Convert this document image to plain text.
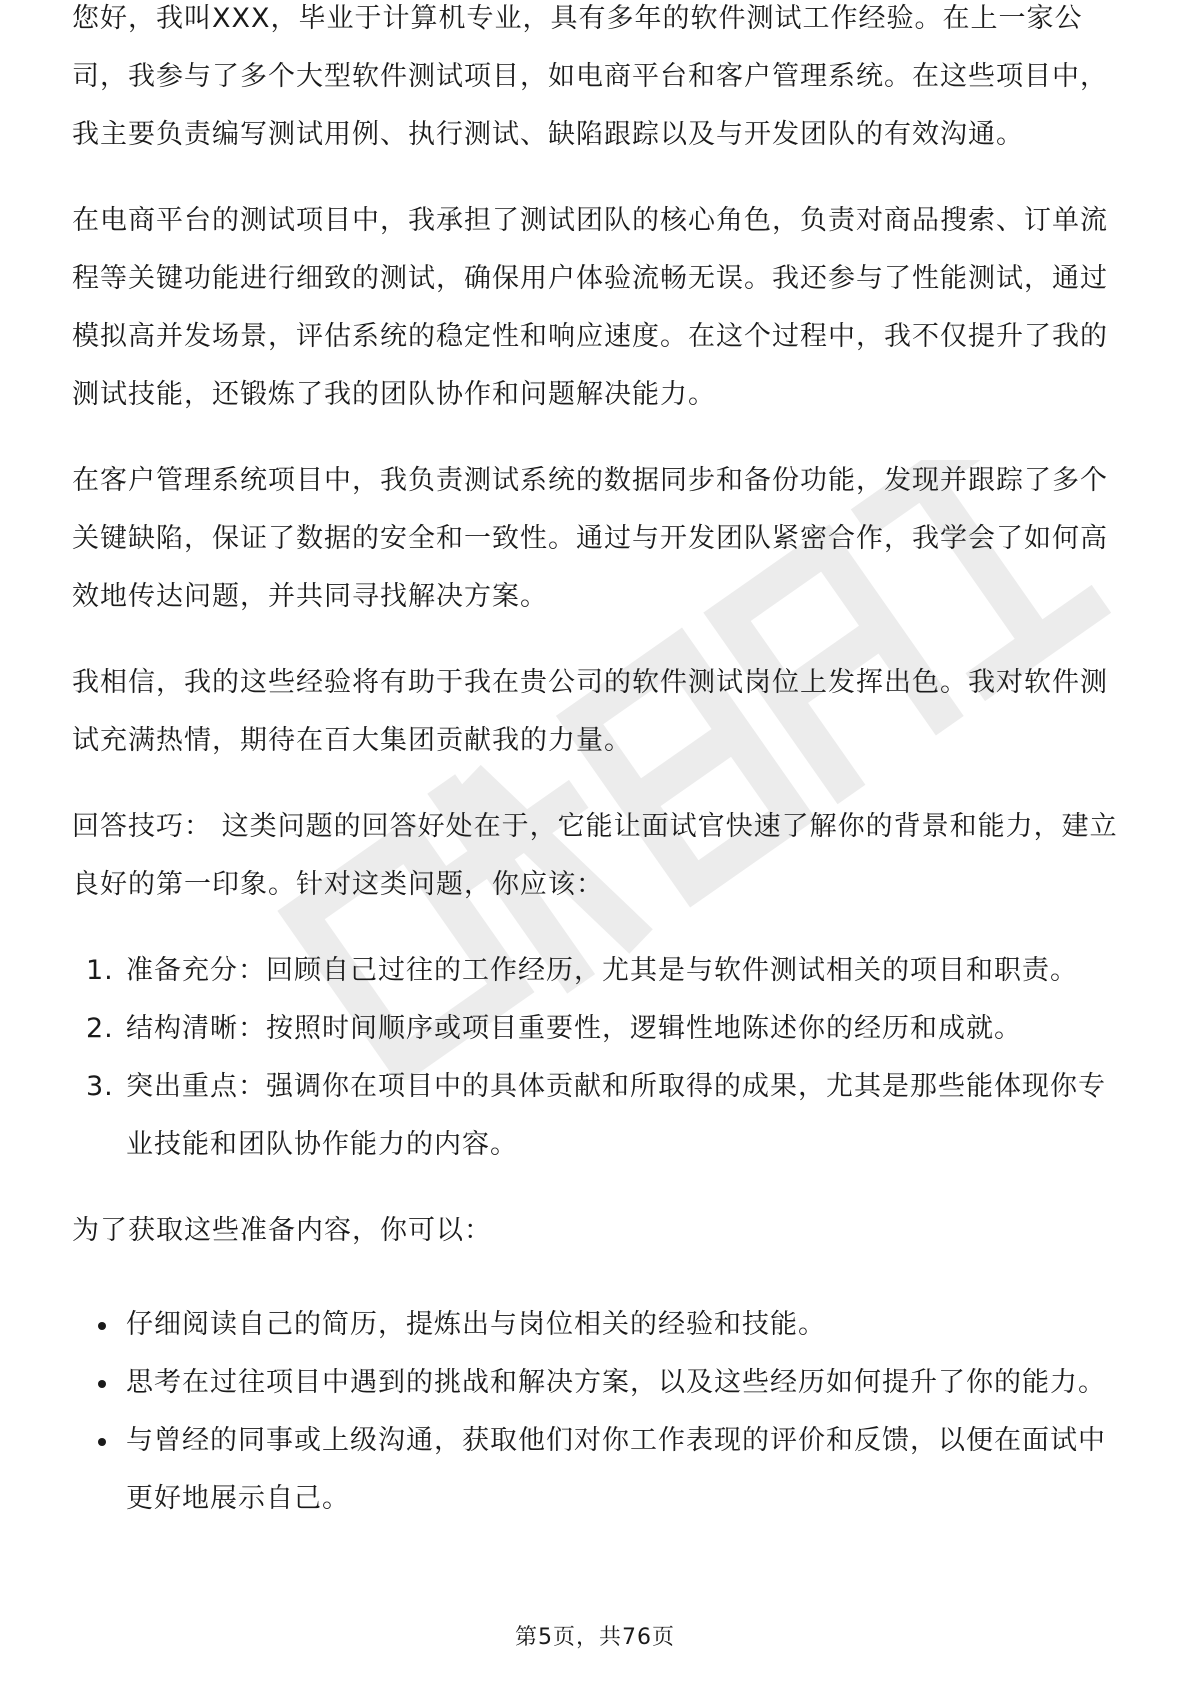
您好，我叫XXX，毕业于计算机专业，具有多年的软件测试工作经验。在上一家公司，我参与了多个大型软件测试项目，如电商平台和客户管理系统。在这些项目中，我主要负责编写测试用例、执行测试、缺陷跟踪以及与开发团队的有效沟通。

在电商平台的测试项目中，我承担了测试团队的核心角色，负责对商品搜索、订单流程等关键功能进行细致的测试，确保用户体验流畅无误。我还参与了性能测试，通过模拟高并发场景，评估系统的稳定性和响应速度。在这个过程中，我不仅提升了我的测试技能，还锻炼了我的团队协作和问题解决能力。

在客户管理系统项目中，我负责测试系统的数据同步和备份功能，发现并跟踪了多个关键缺陷，保证了数据的安全和一致性。通过与开发团队紧密合作，我学会了如何高效地传达问题，并共同寻找解决方案。

我相信，我的这些经验将有助于我在贵公司的软件测试岗位上发挥出色。我对软件测试充满热情，期待在百大集团贡献我的力量。

回答技巧： 这类问题的回答好处在于，它能让面试官快速了解你的背景和能力，建立良好的第一印象。针对这类问题，你应该：

1. 准备充分：回顾自己过往的工作经历，尤其是与软件测试相关的项目和职责。
2. 结构清晰：按照时间顺序或项目重要性，逻辑性地陈述你的经历和成就。
3. 突出重点：强调你在项目中的具体贡献和所取得的成果，尤其是那些能体现你专业技能和团队协作能力的内容。

为了获取这些准备内容，你可以：

仔细阅读自己的简历，提炼出与岗位相关的经验和技能。
思考在过往项目中遇到的挑战和解决方案，以及这些经历如何提升了你的能力。
与曾经的同事或上级沟通，获取他们对你工作表现的评价和反馈，以便在面试中更好地展示自己。
第5页，共76页
